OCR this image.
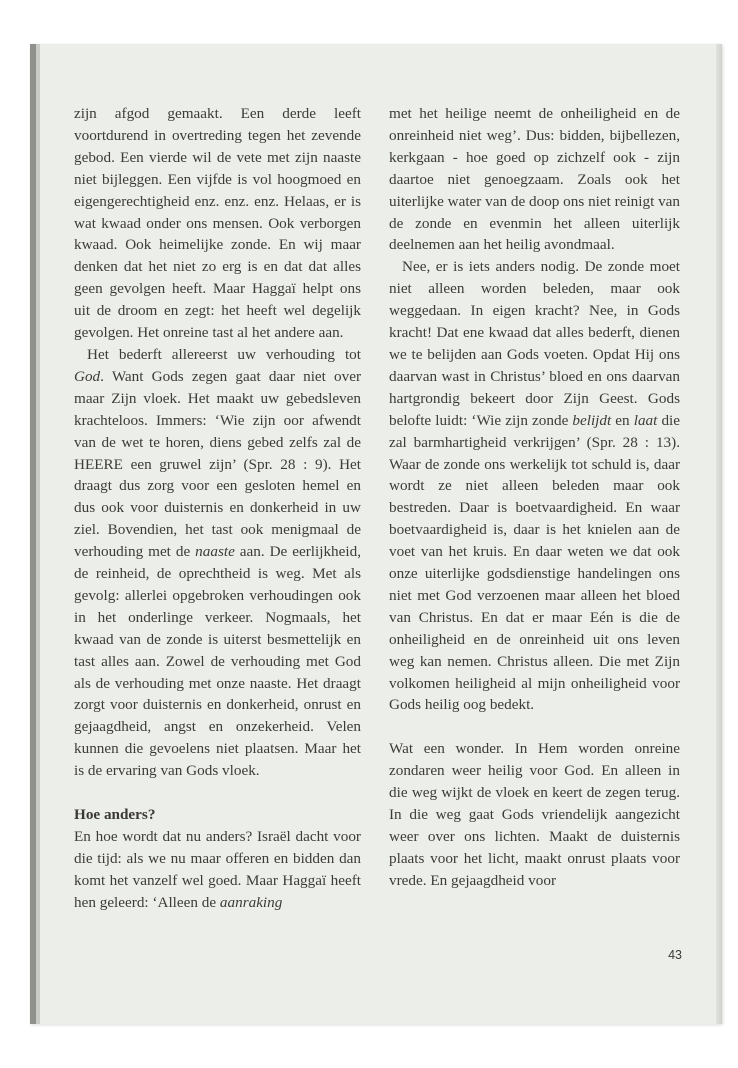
zijn afgod gemaakt. Een derde leeft voortdurend in overtreding tegen het zevende gebod. Een vierde wil de vete met zijn naaste niet bijleggen. Een vijfde is vol hoogmoed en eigengerechtigheid enz. enz. enz. Helaas, er is wat kwaad onder ons mensen. Ook verborgen kwaad. Ook heimelijke zonde. En wij maar denken dat het niet zo erg is en dat dat alles geen gevolgen heeft. Maar Haggaï helpt ons uit de droom en zegt: het heeft wel degelijk gevolgen. Het onreine tast al het andere aan.

Het bederft allereerst uw verhouding tot God. Want Gods zegen gaat daar niet over maar Zijn vloek. Het maakt uw gebedsleven krachteloos. Immers: ‘Wie zijn oor afwendt van de wet te horen, diens gebed zelfs zal de HEERE een gruwel zijn’ (Spr. 28 : 9). Het draagt dus zorg voor een gesloten hemel en dus ook voor duisternis en donkerheid in uw ziel. Bovendien, het tast ook menigmaal de verhouding met de naaste aan. De eerlijkheid, de reinheid, de oprechtheid is weg. Met als gevolg: allerlei opgebroken verhoudingen ook in het onderlinge verkeer. Nogmaals, het kwaad van de zonde is uiterst besmettelijk en tast alles aan. Zowel de verhouding met God als de verhouding met onze naaste. Het draagt zorgt voor duisternis en donkerheid, onrust en gejaagdheid, angst en onzekerheid. Velen kunnen die gevoelens niet plaatsen. Maar het is de ervaring van Gods vloek.

Hoe anders?

En hoe wordt dat nu anders? Israël dacht voor die tijd: als we nu maar offeren en bidden dan komt het vanzelf wel goed. Maar Haggaï heeft hen geleerd: ‘Alleen de aanraking

met het heilige neemt de onheiligheid en de onreinheid niet weg’. Dus: bidden, bijbellezen, kerkgaan - hoe goed op zichzelf ook - zijn daartoe niet genoegzaam. Zoals ook het uiterlijke water van de doop ons niet reinigt van de zonde en evenmin het alleen uiterlijk deelnemen aan het heilig avondmaal.

Nee, er is iets anders nodig. De zonde moet niet alleen worden beleden, maar ook weggedaan. In eigen kracht? Nee, in Gods kracht! Dat ene kwaad dat alles bederft, dienen we te belijden aan Gods voeten. Opdat Hij ons daarvan wast in Christus’ bloed en ons daarvan hartgrondig bekeert door Zijn Geest. Gods belofte luidt: ‘Wie zijn zonde belijdt en laat die zal barmhartigheid verkrijgen’ (Spr. 28 : 13). Waar de zonde ons werkelijk tot schuld is, daar wordt ze niet alleen beleden maar ook bestreden. Daar is boetvaardigheid. En waar boetvaardigheid is, daar is het knielen aan de voet van het kruis. En daar weten we dat ook onze uiterlijke godsdienstige handelingen ons niet met God verzoenen maar alleen het bloed van Christus. En dat er maar Eén is die de onheiligheid en de onreinheid uit ons leven weg kan nemen. Christus alleen. Die met Zijn volkomen heiligheid al mijn onheiligheid voor Gods heilig oog bedekt.

Wat een wonder. In Hem worden onreine zondaren weer heilig voor God. En alleen in die weg wijkt de vloek en keert de zegen terug. In die weg gaat Gods vriendelijk aangezicht weer over ons lichten. Maakt de duisternis plaats voor het licht, maakt onrust plaats voor vrede. En gejaagdheid voor

43
